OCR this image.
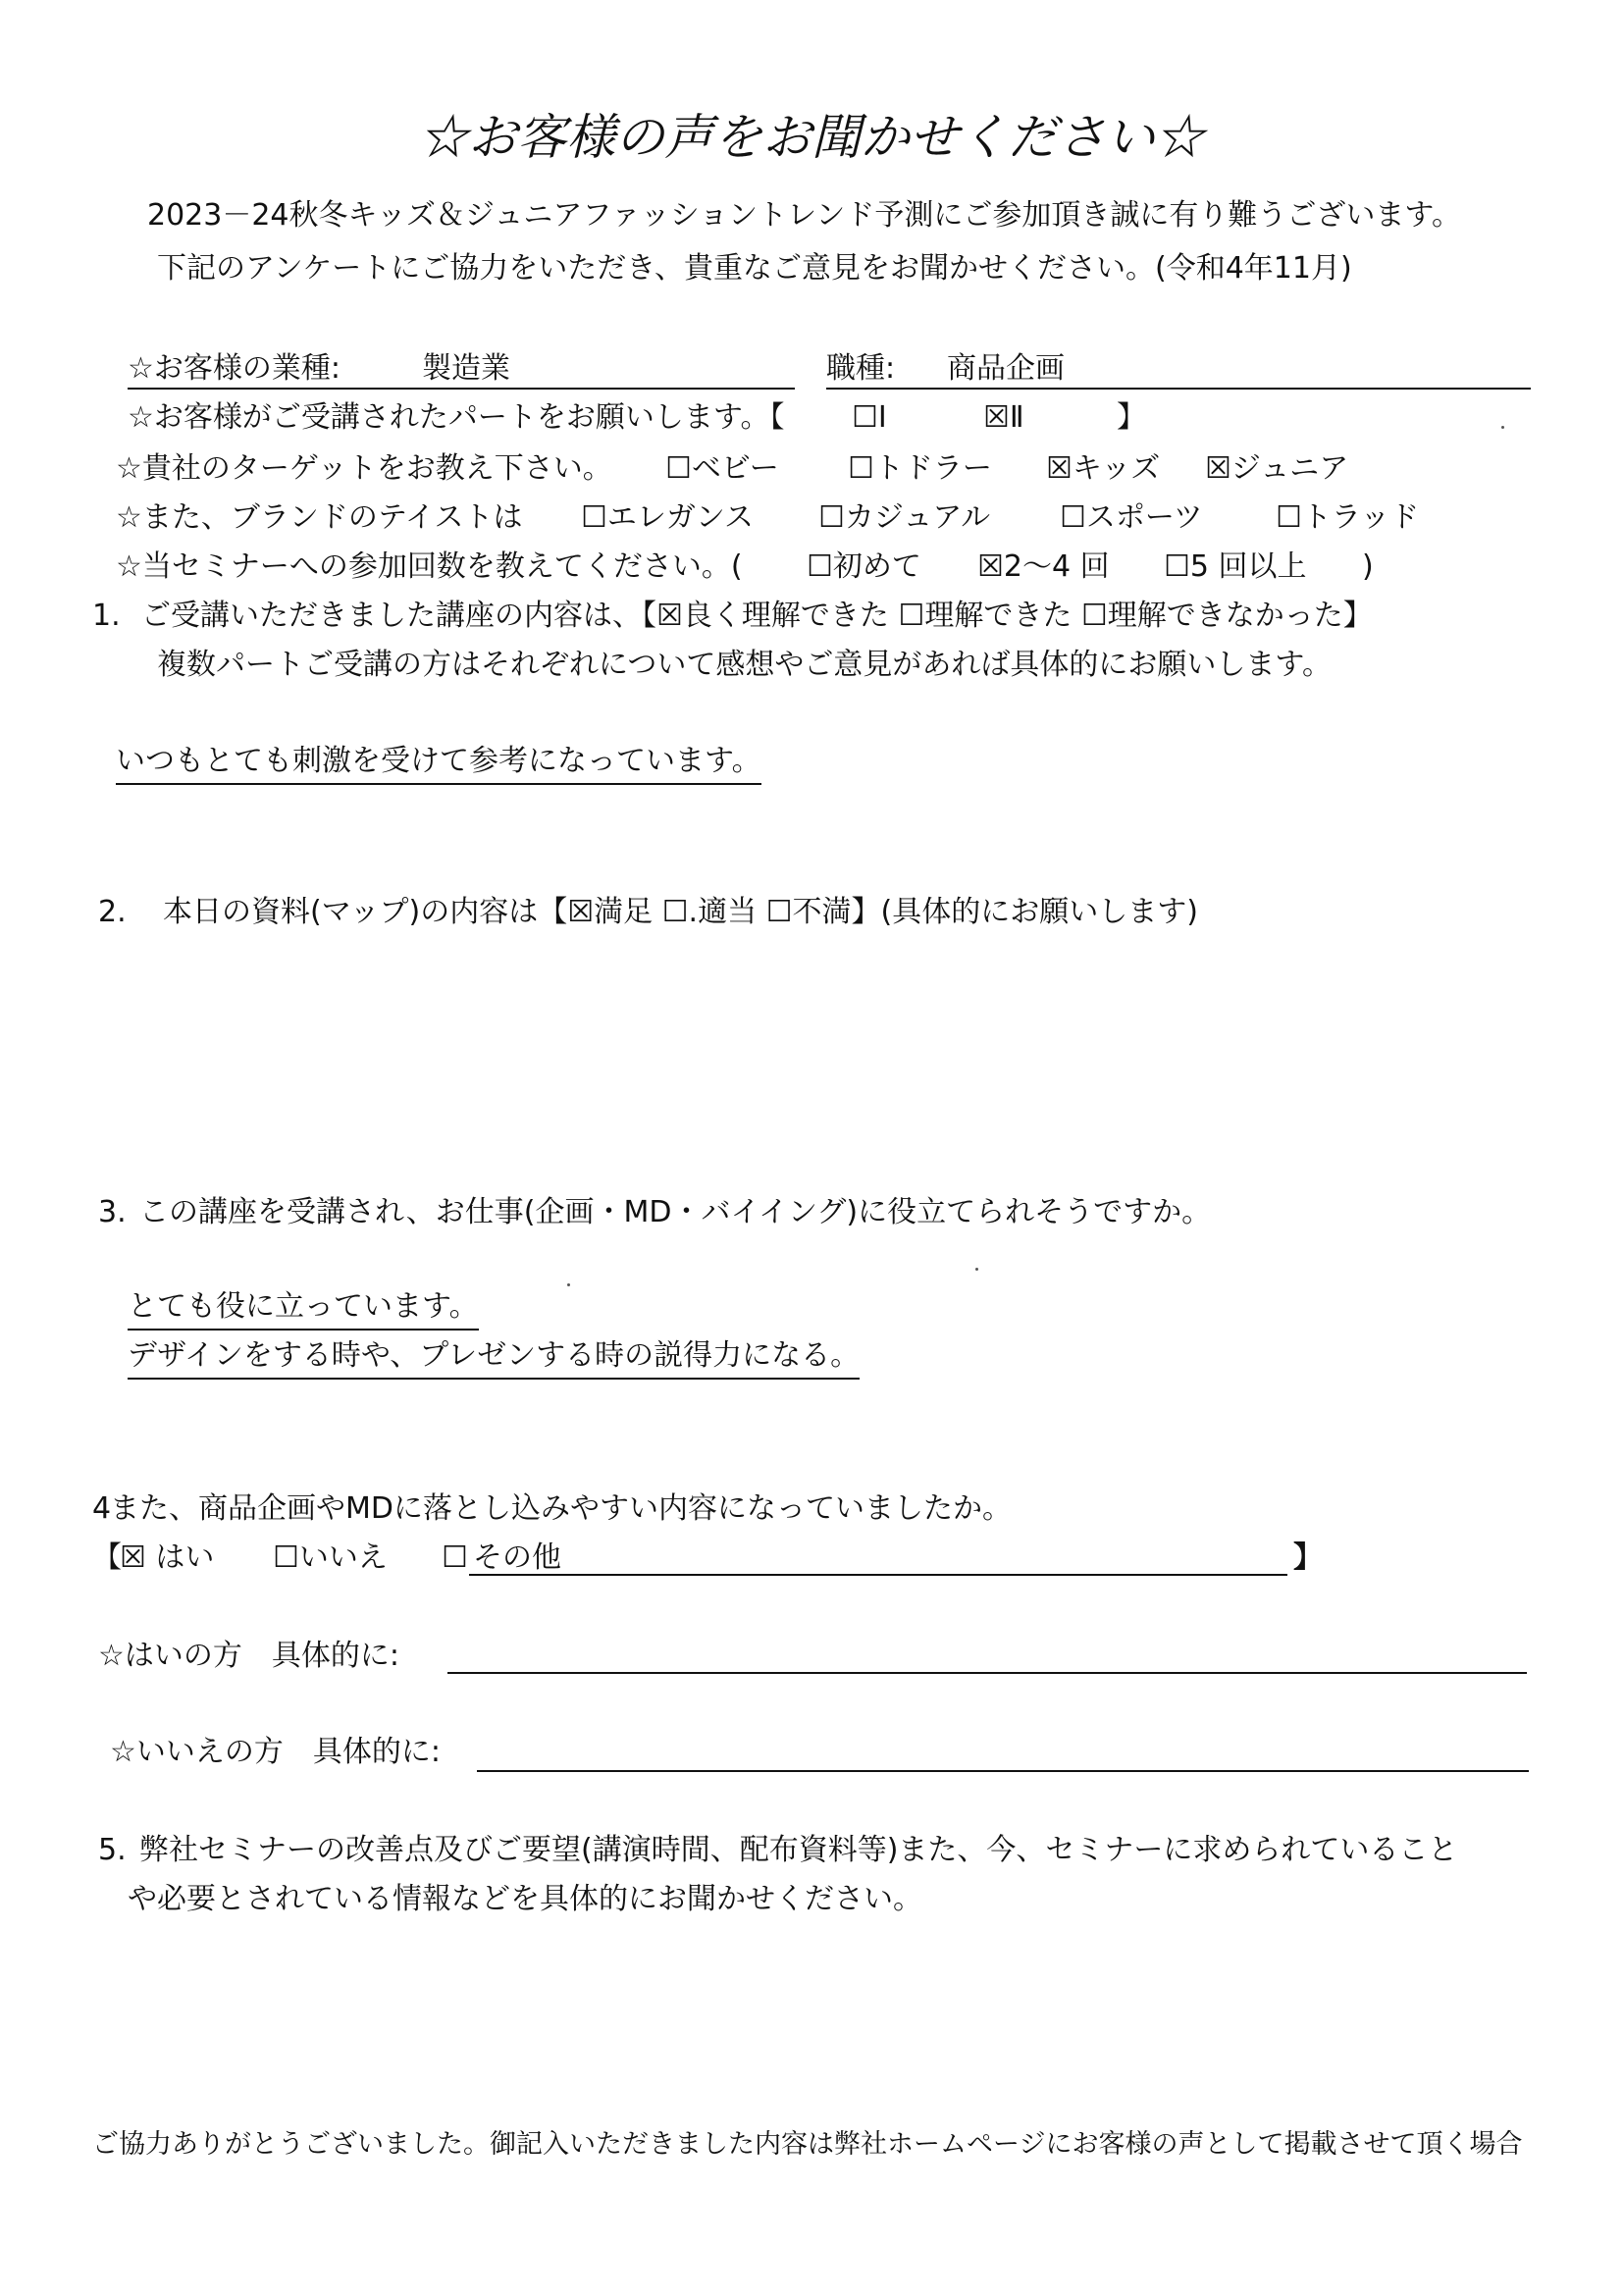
☆お客様の声をお聞かせください☆
2023－24秋冬キッズ＆ジュニアファッショントレンド予測にご参加頂き誠に有り難うございます。
下記のアンケートにご協力をいただき、貴重なご意見をお聞かせください。(令和4年11月)
☆お客様の業種:	製造業	職種: 商品企画
☆お客様がご受講されたパートをお願いします。【 ☐Ⅰ	☒Ⅱ	】
☆貴社のターゲットをお教え下さい。 ☐ベビー ☐トドラー ☒キッズ ☒ジュニア
☆また、ブランドのテイストは ☐エレガンス ☐カジュアル ☐スポーツ ☐トラッド
☆当セミナーへの参加回数を教えてください。( ☐初めて ☒2～4 回 ☐5 回以上 )
1. ご受講いただきました講座の内容は、【☒良く理解できた ☐理解できた ☐理解できなかった】
複数パートご受講の方はそれぞれについて感想やご意見があれば具体的にお願いします。
いつもとても刺激を受けて参考になっています。
2. 本日の資料(マップ)の内容は【☒満足 ☐.適当 ☐不満】(具体的にお願いします)
3. この講座を受講され、お仕事(企画・MD・バイイング)に役立てられそうですか。
とても役に立っています。
デザインをする時や、プレゼンする時の説得力になる。
4
また、商品企画やMDに落とし込みやすい内容になっていましたか。
【
☒ はい ☐いいえ ☐ その他	】
☆はいの方　具体的に:
☆いいえの方　具体的に:
5. 弊社セミナーの改善点及びご要望(講演時間、配布資料等)また、今、セミナーに求められていること
や必要とされている情報などを具体的にお聞かせください。
ご協力ありがとうございました。御記入いただきました内容は弊社ホームページにお客様の声として掲載させて頂く場合
